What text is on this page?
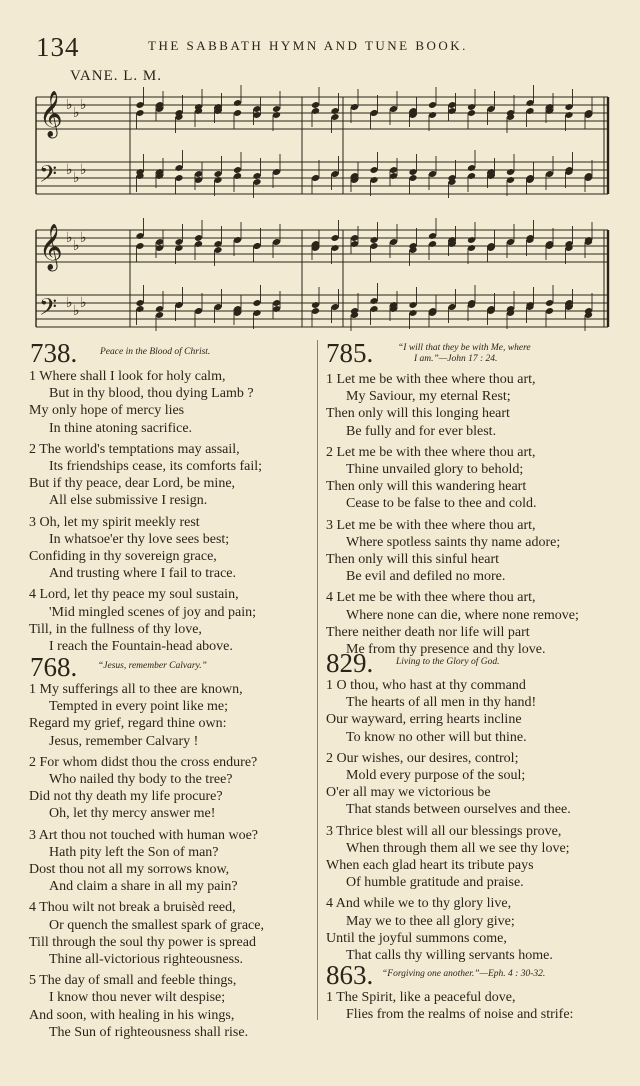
134	THE SABBATH HYMN AND TUNE BOOK.
VANE. L. M.
𝄞 ♭ ♭ ♭
𝄢 ♭ ♭ ♭
𝄞 ♭ ♭ ♭
𝄢 ♭ ♭ ♭
738. Peace in the Blood of Christ.
1 Where shall I look for holy calm,
But in thy blood, thou dying Lamb ?
My only hope of mercy lies
In thine atoning sacrifice.
2 The world's temptations may assail,
Its friendships cease, its comforts fail;
But if thy peace, dear Lord, be mine,
All else submissive I resign.
3 Oh, let my spirit meekly rest
In whatsoe'er thy love sees best;
Confiding in thy sovereign grace,
And trusting where I fail to trace.
4 Lord, let thy peace my soul sustain,
'Mid mingled scenes of joy and pain;
Till, in the fullness of thy love,
I reach the Fountain-head above.
768. “Jesus, remember Calvary.”
1 My sufferings all to thee are known,
Tempted in every point like me;
Regard my grief, regard thine own:
Jesus, remember Calvary !
2 For whom didst thou the cross endure?
Who nailed thy body to the tree?
Did not thy death my life procure?
Oh, let thy mercy answer me!
3 Art thou not touched with human woe?
Hath pity left the Son of man?
Dost thou not all my sorrows know,
And claim a share in all my pain?
4 Thou wilt not break a bruisèd reed,
Or quench the smallest spark of grace,
Till through the soul thy power is spread
Thine all-victorious righteousness.
5 The day of small and feeble things,
I know thou never wilt despise;
And soon, with healing in his wings,
The Sun of righteousness shall rise.
785.	“I will that they be with Me, where
I am.”—John 17 : 24.
1 Let me be with thee where thou art,
My Saviour, my eternal Rest;
Then only will this longing heart
Be fully and for ever blest.
2 Let me be with thee where thou art,
Thine unvailed glory to behold;
Then only will this wandering heart
Cease to be false to thee and cold.
3 Let me be with thee where thou art,
Where spotless saints thy name adore;
Then only will this sinful heart
Be evil and defiled no more.
4 Let me be with thee where thou art,
Where none can die, where none remove;
There neither death nor life will part
Me from thy presence and thy love.
829. Living to the Glory of God.
1 O thou, who hast at thy command
The hearts of all men in thy hand!
Our wayward, erring hearts incline
To know no other will but thine.
2 Our wishes, our desires, control;
Mold every purpose of the soul;
O'er all may we victorious be
That stands between ourselves and thee.
3 Thrice blest will all our blessings prove,
When through them all we see thy love;
When each glad heart its tribute pays
Of humble gratitude and praise.
4 And while we to thy glory live,
May we to thee all glory give;
Until the joyful summons come,
That calls thy willing servants home.
863. “Forgiving one another.”—Eph. 4 : 30-32.
1 The Spirit, like a peaceful dove,
Flies from the realms of noise and strife:
